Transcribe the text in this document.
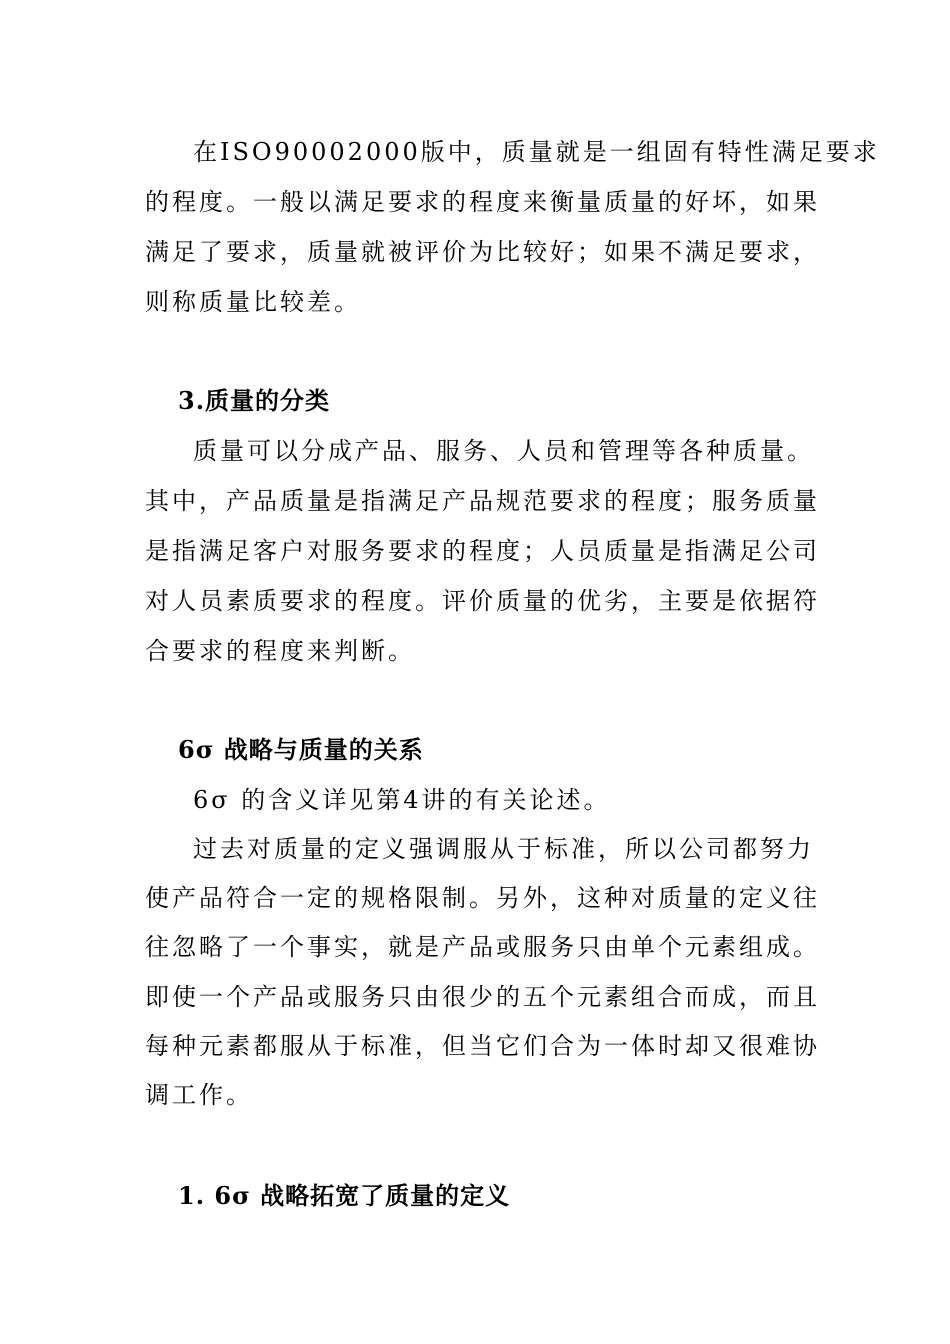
在ISO90002000版中，质量就是一组固有特性满足要求
的程度。一般以满足要求的程度来衡量质量的好坏，如果
满足了要求，质量就被评价为比较好；如果不满足要求，
则称质量比较差。
3.质量的分类
质量可以分成产品、服务、人员和管理等各种质量。
其中，产品质量是指满足产品规范要求的程度；服务质量
是指满足客户对服务要求的程度；人员质量是指满足公司
对人员素质要求的程度。评价质量的优劣，主要是依据符
合要求的程度来判断。
6σ 战略与质量的关系
6σ 的含义详见第4讲的有关论述。
过去对质量的定义强调服从于标准，所以公司都努力
使产品符合一定的规格限制。另外，这种对质量的定义往
往忽略了一个事实，就是产品或服务只由单个元素组成。
即使一个产品或服务只由很少的五个元素组合而成，而且
每种元素都服从于标准，但当它们合为一体时却又很难协
调工作。
1. 6σ 战略拓宽了质量的定义
